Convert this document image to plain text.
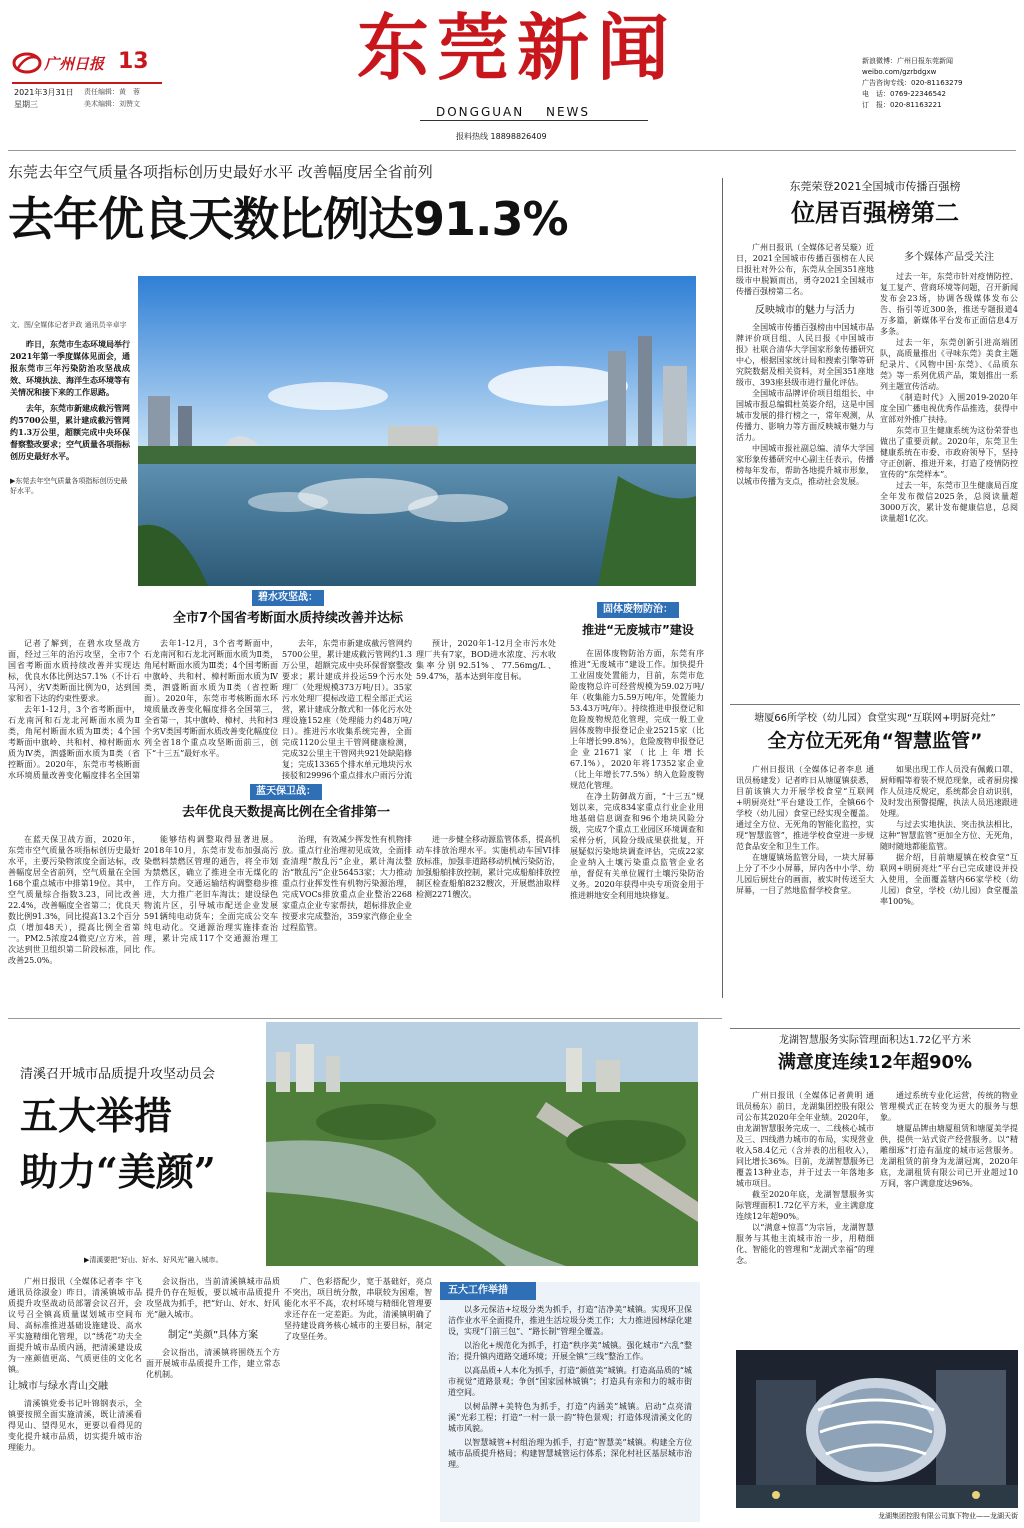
广州日报 13
2021年3月31日
星期三
责任编辑：黄　蓉
美术编辑：刘赞文
东莞新闻
DONGGUAN NEWS
报料热线 18898826409
新浪微博：广州日报东莞新闻
weibo.com/gzrbdgxw
广告咨询专线：020-81163279
电　话：0769-22346542
订　报：020-81163221
东莞去年空气质量各项指标创历史最好水平 改善幅度居全省前列
去年优良天数比例达91.3%
文、图/全媒体记者尹政 通讯员辛卓宇

昨日，东莞市生态环境局举行2021年第一季度媒体见面会，通报东莞市三年污染防治攻坚战成效、环境执法、海洋生态环境等有关情况和接下来的工作思路。

去年，东莞市新建成截污管网约5700公里，累计建成截污管网约1.3万公里，超额完成中央环保督察整改要求；空气质量各项指标创历史最好水平。

▶东莞去年空气质量各项指标创历史最好水平。
碧水攻坚战：
全市7个国省考断面水质持续改善并达标

记者了解到，在碧水攻坚战方面，经过三年的治污攻坚，全市7个国省考断面水质持续改善并实现达标，优良水体比例达57.1%（不计石马河），劣V类断面比例为0，达到国家和省下达的约束性要求。

去年1-12月，3个省考断面中，石龙南河和石龙北河断面水质为Ⅱ类，角尾村断面水质为Ⅲ类；4个国考断面中旗岭、共和村、樟村断面水质为Ⅳ类，泗盛断面水质为Ⅱ类（省控断面）。2020年，东莞市考核断面水环境质量改善变化幅度排名全国第

去年1-12月，3个省考断面中，石龙南河和石龙北河断面水质为Ⅱ类，角尾村断面水质为Ⅲ类；4个国考断面中旗岭、共和村、樟村断面水质为Ⅳ类，泗盛断面水质为Ⅱ类（省控断面）。2020年，东莞市考核断面水环境质量改善变化幅度排名全国第三，全省第一，其中旗岭、樟村、共和村3个劣V类国考断面水质改善变化幅度位列全省18个重点攻坚断面前三，创下“十三五”最好水平。

去年，东莞市新建成截污管网约5700公里，累计建成截污管网约1.3万公里，超额完成中央环保督察整改要求；累计建成并投运59个污水处理厂（处理规模373万吨/日）。35家污水处理厂提标改造工程全部正式运营，累计建成分散式和一体化污水处理设施152座（处理能力约48万吨/日）。推进污水收集系统完善，全面完成1120公里主干管网健康检测，完成32公里主干管网共921处缺陷修复；完成13365个排水单元地块污水接驳和29996个重点排水户雨污分流

预计，2020年1-12月全市污水处理厂共有7家，BOD进水浓度、污水收集率分别92.51%、77.56mg/L、59.47%，基本达到年度目标。

固体废物防治：
推进“无废城市”建设

在固体废物防治方面，东莞有序推进“无废城市”建设工作。加快提升工业固废处置能力，目前，东莞市危险废物总许可经营规模为59.02万吨/年（收集能力5.59万吨/年，处置能力53.43万吨/年）。持续推进申报登记和危险废物规范化管理，完成一般工业固体废物申报登记企业25215家（比上年增长99.8%），危险废物申报登记企业21671家（比上年增长67.1%），2020年将17352家企业（比上年增长77.5%）纳入危险废物规范化管理。

在净土防御战方面，“十三五”规划以来，完成834家重点行业企业用地基础信息调查和96个地块风险分级，完成7个重点工业园区环境调查和采样分析，风险分级成果获批复，开展疑似污染地块调查评估，完成22家企业纳入土壤污染重点监管企业名单，督促有关单位履行土壤污染防治义务。2020年获得中央专项资金用于推进耕地安全利用地块修复。

蓝天保卫战：
去年优良天数提高比例在全省排第一

在蓝天保卫战方面，2020年，东莞市空气质量各项指标创历史最好水平，主要污染物浓度全面达标，改善幅度居全省前列，空气质量在全国168个重点城市中排第19位。其中，空气质量综合指数3.23，同比改善22.4%，改善幅度全省第二；优良天数比例91.3%，同比提高13.2个百分点（增加48天），提高比例全省第一。PM2.5浓度24微克/立方米，首次达到世卫组织第二阶段标准，同比改善25.0%。

能够结构调整取得显著进展。2018年10月，东莞市发布加强高污染燃料禁燃区管理的通告，将全市划为禁燃区，确立了推进全市无煤化的工作方向。交通运输结构调整稳步推进，大力推广老旧车淘汰；建设绿色物流片区，引导城市配送企业发展591辆纯电动货车；全面完成公交车纯电动化。交通源治理实施排查治理，累计完成117个交通源治理工作。

治理，有效减少挥发性有机物排放。重点行业治理初见成效，全面排查清理“散乱污”企业，累计淘汰整治“散乱污”企业56453家；大力推动重点行业挥发性有机物污染源治理，完成VOCs排放重点企业整治2268家重点企业专家帮扶，超标排放企业按要求完成整治，359家汽修企业全过程监管。

进一步健全移动源监管体系，提高机动车排放治理水平。实施机动车国VI排放标准，加强非道路移动机械污染防治，加强船舶排放控制，累计完成船舶排放控制区检查船舶8232艘次，开展燃油取样检测2271艘次。

东莞荣登2021全国城市传播百强榜
位居百强榜第二

广州日报讯（全媒体记者吴璇）近日，2021全国城市传播百强榜在人民日报社对外公布，东莞从全国351座地级市中脱颖而出，勇夺2021全国城市传播百强榜第二名。

反映城市的魅力与活力

全国城市传播百强榜由中国城市品牌评价项目组、人民日报《中国城市报》社联合清华大学国家形象传播研究中心，根据国家统计局和搜索引擎等研究院数据及相关资料，对全国351座地级市、393座县级市进行量化评估。

全国城市品牌评价项目组组长、中国城市报总编辑杜英姿介绍，这是中国城市发展的排行榜之一，常年观测，从传播力、影响力等方面反映城市魅力与活力。

中国城市报社副总编、清华大学国家形象传播研究中心副主任表示，传播榜每年发布，帮助各地提升城市形象，以城市传播为支点，推动社会发展。

多个媒体产品受关注

过去一年，东莞市针对疫情防控、复工复产、营商环境等问题，召开新闻发布会23场，协调各级媒体发布公告、指引等近300条，推送专题报道4万多篇，新媒体平台发布正面信息4万多条。

过去一年，东莞创新引进高端团队，高质量推出《寻味东莞》美食主题纪录片、《风物中国·东莞》、《品质东莞》等一系列优质产品，策划推出一系列主题宣传活动。

《制造时代》入围2019-2020年度全国广播电视优秀作品推选，获得中宣部对外推广扶持。

东莞市卫生健康系统为这份荣誉也做出了重要贡献。2020年，东莞卫生健康系统在市委、市政府领导下，坚持守正创新、推进开来，打造了疫情防控宣传的“东莞样本”。

过去一年，东莞市卫生健康局百度全年发布微信2025条，总阅读量超3000万次，累计发布健康信息，总阅读量超1亿次。

塘厦66所学校（幼儿园）食堂实现“互联网+明厨亮灶”
全方位无死角“智慧监管”

广州日报讯（全媒体记者李息 通讯员杨建发）记者昨日从塘厦镇获悉，目前该镇大力开展学校食堂“互联网+明厨亮灶”平台建设工作，全镇66个学校（幼儿园）食堂已经实现全覆盖。通过全方位、无死角的智能化监控，实现“智慧监管”，推进学校食堂进一步规范食品安全和卫生工作。

在塘厦镇场监管分局，一块大屏幕上分了不少小屏幕，屏内各中小学、幼儿园后厨灶台的画面，被实时传送至大屏幕，一目了然地监督学校食堂。

如果出现工作人员没有佩戴口罩、厨师帽等着装不规范现象，或者厨房操作人员违反规定，系统都会自动识别，及时发出预警提醒，执法人员迅速跟进处理。

与过去实地执法、突击执法相比，这种“智慧监管”更加全方位、无死角，随时随地都能监管。

据介绍，目前塘厦镇在校食堂“互联网+明厨亮灶”平台已完成建设并投入使用，全面覆盖辖内66家学校（幼儿园）食堂，学校（幼儿园）食堂覆盖率100%。

龙湖智慧服务实际管理面积达1.72亿平方米
满意度连续12年超90%

广州日报讯（全媒体记者黄明 通讯员杨东）前日，龙湖集团控股有限公司公布其2020年全年业绩。2020年，由龙湖智慧服务完成一、二线核心城市及三、四线潜力城市的布局，实现营业收入58.4亿元（含并表的出租收入），同比增长36%。目前，龙湖智慧服务已覆盖13种业态，并于过去一年落地多城市项目。

截至2020年底，龙湖智慧服务实际管理面积1.72亿平方米，业主满意度连续12年超90%。

以“满意+惊喜”为宗旨，龙湖智慧服务与其他主流城市治一步，用精细化、智能化的管理和“龙湖式幸福”的理念。

通过系统专业化运营，传统的物业管理模式正在转变为更大的服务与想象。

塘厦品牌由塘厦租赁和塘厦美学提供，提供一站式资产经营服务。以“精雕细琢”打造有温度的城市运营服务。龙湖租赁的前身为龙湖冠寓，2020年底，龙湖租赁有限公司已开业超过10万间，客户满意度达96%。

龙湖集团控股有限公司旗下物业——龙湖天街
清溪召开城市品质提升攻坚动员会
五大举措
助力“美颜”
▶清溪要把“好山、好水、好风光”融入城市。

广州日报讯（全媒体记者李 宇飞 通讯员徐淑金）昨日，清溪镇城市品质提升攻坚战动员部署会议召开，会议号召全镇高质量谋划城市空间布局、高标准推进基础设施建设、高水平实施精细化管理，以“绣花”功夫全面提升城市品质内涵，把清溪建设成为一座颜值更高、气质更佳的文化名镇。

让城市与绿水青山交融

清溪镇党委书记叶锦钢表示，全镇要按照全面实施清溪，既让清溪看得见山、望得见水，更要以看得见的变化提升城市品质，切实提升城市治理能力。

会议指出，当前清溪镇城市品质提升仍存在短板，要以城市品质提升攻坚战为抓手，把“好山、好水、好风光”融入城市。

制定“美颜”具体方案

会议指出，清溪镇将围绕五个方面开展城市品质提升工作，建立常态化机制。

广、色彩搭配少，宽于基础好，亮点不突出，项目统分散，串联较为困难，智能化水平不高，农村环境与精细化管理要求还存在一定差距。为此，清溪镇明确了坚持建设商务核心城市的主要目标，制定了攻坚任务。

五大工作举措

以多元保洁+垃圾分类为抓手，打造“洁净美”城镇。实现环卫保洁作业水平全面提升，推进生活垃圾分类工作；大力推进园林绿化建设，实现“门前三包”、“路长制”管理全覆盖。

以治化+规范化为抓手，打造“秩序美”城镇。强化城市“六乱”整治；提升镇内道路交通环境；开展全镇“三线”整治工作。

以高品质+人本化为抓手，打造“颜值美”城镇。打造高品质的“城市视觉”道路景观；争创“国家园林城镇”；打造具有亲和力的城市街道空间。

以树品牌+美特色为抓手，打造“内涵美”城镇。启动“点亮清溪”光彩工程；打造“一村一景一韵”特色景观；打造体现清溪文化的城市风貌。

以智慧城管+村组治理为抓手，打造“智慧美”城镇。构建全方位城市品质提升格局；构建智慧城管运行体系；深化村社区基层城市治理。
